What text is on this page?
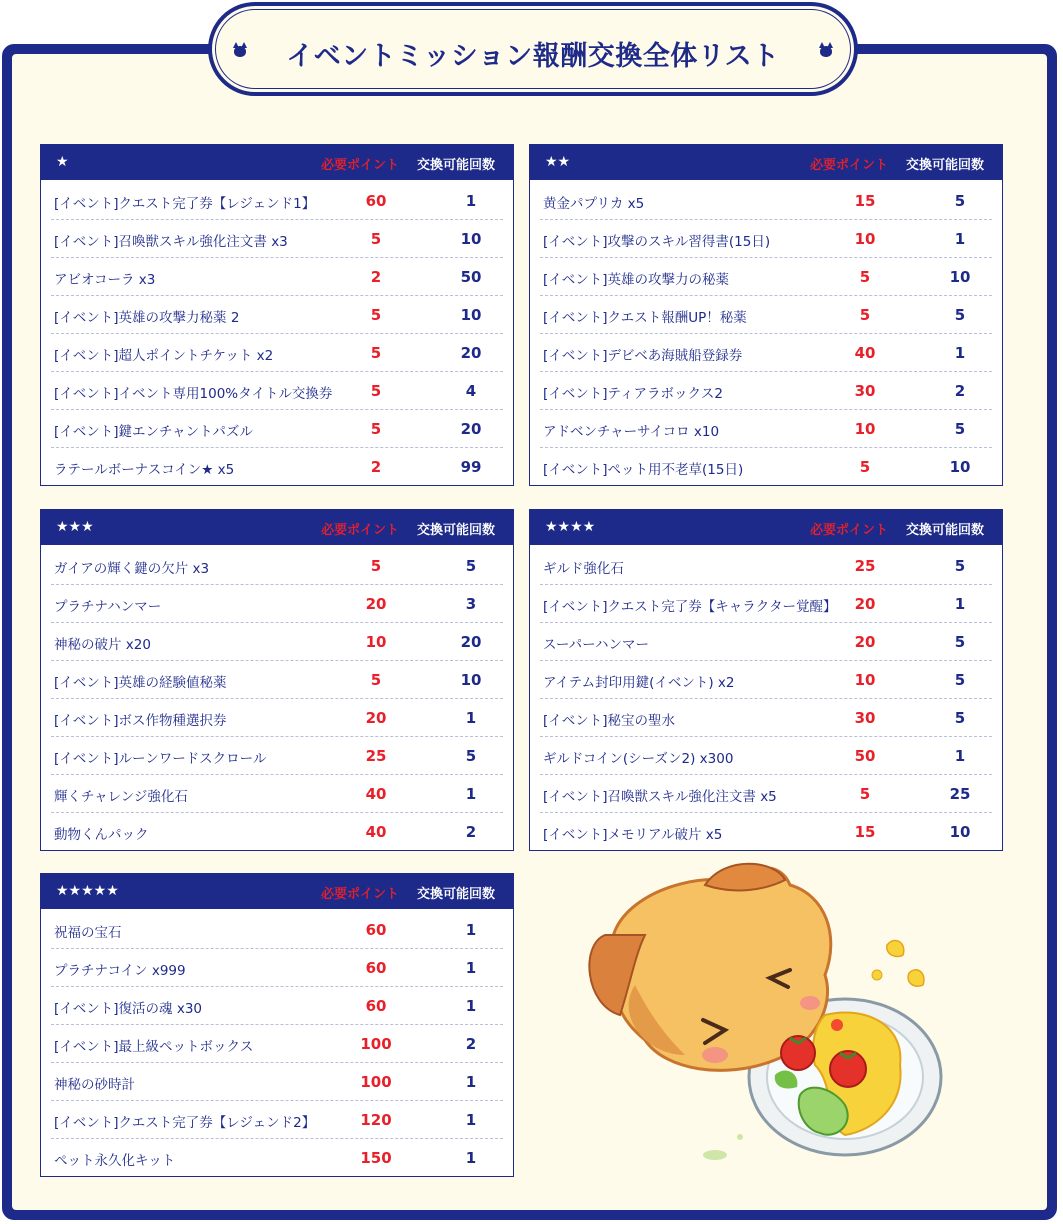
イベントミッション報酬交換全体リスト
★	必要ポイント 交換可能回数
[イベント]クエスト完了券【レジェンド1】	60	1
[イベント]召喚獣スキル強化注文書 x3	5	10
アビオコーラ x3	2	50
[イベント]英雄の攻撃力秘薬 2	5	10
[イベント]超人ポイントチケット x2	5	20
[イベント]イベント専用100%タイトル交換券	5	4
[イベント]鍵エンチャントパズル	5	20
ラテールボーナスコイン★ x5	2	99
★★	必要ポイント 交換可能回数
黄金パプリカ x5	15	5
[イベント]攻撃のスキル習得書(15日)	10	1
[イベント]英雄の攻撃力の秘薬	5	10
[イベント]クエスト報酬UP！秘薬	5	5
[イベント]デビベあ海賊船登録券	40	1
[イベント]ティアラボックス2	30	2
アドベンチャーサイコロ x10	10	5
[イベント]ペット用不老草(15日)	5	10
★★★	必要ポイント 交換可能回数
ガイアの輝く鍵の欠片 x3	5	5
プラチナハンマー	20	3
神秘の破片 x20	10	20
[イベント]英雄の経験値秘薬	5	10
[イベント]ボス作物種選択券	20	1
[イベント]ルーンワードスクロール	25	5
輝くチャレンジ強化石	40	1
動物くんパック	40	2
★★★★	必要ポイント 交換可能回数
ギルド強化石	25	5
[イベント]クエスト完了券【キャラクター覚醒】	20	1
スーパーハンマー	20	5
アイテム封印用鍵(イベント) x2	10	5
[イベント]秘宝の聖水	30	5
ギルドコイン(シーズン2) x300	50	1
[イベント]召喚獣スキル強化注文書 x5	5	25
[イベント]メモリアル破片 x5	15	10
★★★★★	必要ポイント 交換可能回数
祝福の宝石	60	1
プラチナコイン x999	60	1
[イベント]復活の魂 x30	60	1
[イベント]最上級ペットボックス	100	2
神秘の砂時計	100	1
[イベント]クエスト完了券【レジェンド2】	120	1
ペット永久化キット	150	1
